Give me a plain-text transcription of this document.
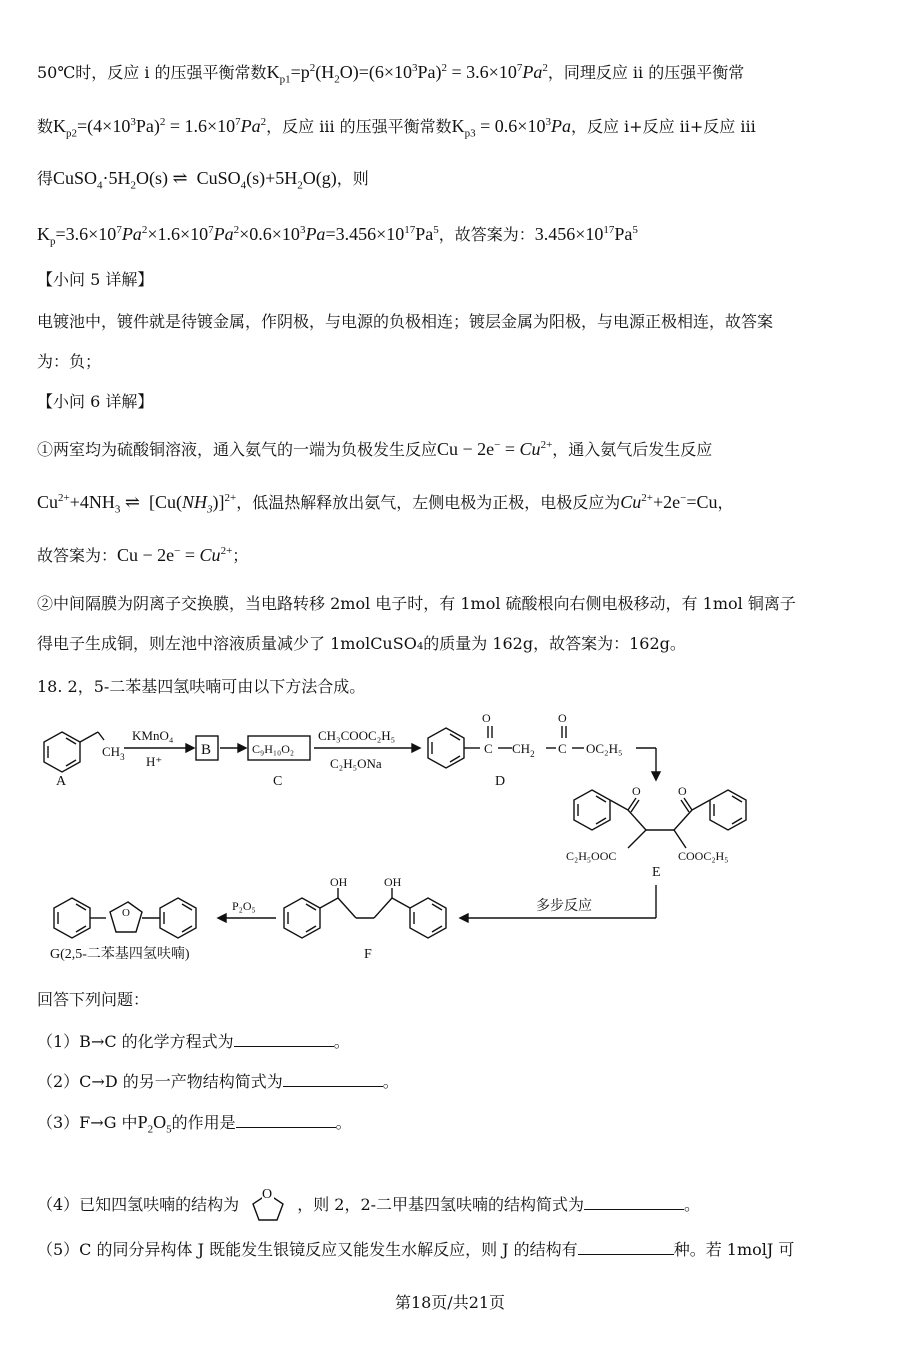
50℃时，反应 i 的压强平衡常数$K_{p1}=p^2(H_2O)=(6\times 10^3Pa)^2 = 3.6\times 10^7Pa^2$，同理反应 ii 的压强平衡常
数$K_{p2}=(4\times 10^3Pa)^2 = 1.6\times 10^7Pa^2$，反应 iii 的压强平衡常数$K_{p3} = 0.6\times 10^3Pa$，反应 i+反应 ii+反应 iii
得$CuSO_4\cdot 5H_2O(s)$ ⇌  $CuSO_4(s)+5H_2O(g)$，则
$K_p=3.6\times 10^7Pa^2\times 1.6\times 10^7Pa^2\times 0.6\times 10^3Pa=3.456\times 10^{17}Pa^5$，故答案为：$3.456\times 10^{17}Pa^5$
【小问 5 详解】
电镀池中，镀件就是待镀金属，作阴极，与电源的负极相连；镀层金属为阳极，与电源正极相连，故答案
为：负；
【小问 6 详解】
①两室均为硫酸铜溶液，通入氨气的一端为负极发生反应$Cu - 2e^- = Cu^{2+}$，通入氨气后发生反应
$Cu^{2+}+4NH_3$ ⇌  $[Cu(NH_3)]^{2+}$，低温热解释放出氨气，左侧电极为正极，电极反应为$Cu^{2+}+2e^-=Cu$，
故答案为：$Cu - 2e^- = Cu^{2+}$；
②中间隔膜为阴离子交换膜，当电路转移 2mol 电子时，有 1mol 硫酸根向右侧电极移动，有 1mol 铜离子
得电子生成铜，则左池中溶液质量减少了 1molCuSO₄的质量为 162g，故答案为：162g。
18. 2，5-二苯基四氢呋喃可由以下方法合成。
$CH_3$
KMnO₄
H⁺
B	C₉H₁₀O₂
CH₃COOC₂H₅
C₂H₅ONa
O
C $CH_2$
O
C OC₂H₅
O	O
C₂H₅OOC	COOC₂H₅
多步反应
OH	OH
P₂O₅
O
A	C	D
E
F
G(2,5-二苯基四氢呋喃)
回答下列问题：
（1）B→C 的化学方程式为	。
（2）C→D 的另一产物结构简式为	。
（3）F→G 中$P_2O_5$的作用是	。
（4）已知四氢呋喃的结构为
O
，则 2，2-二甲基四氢呋喃的结构简式为	。
（5）C 的同分异构体 J 既能发生银镜反应又能发生水解反应，则 J 的结构有	种。若 1molJ 可
第18页/共21页
